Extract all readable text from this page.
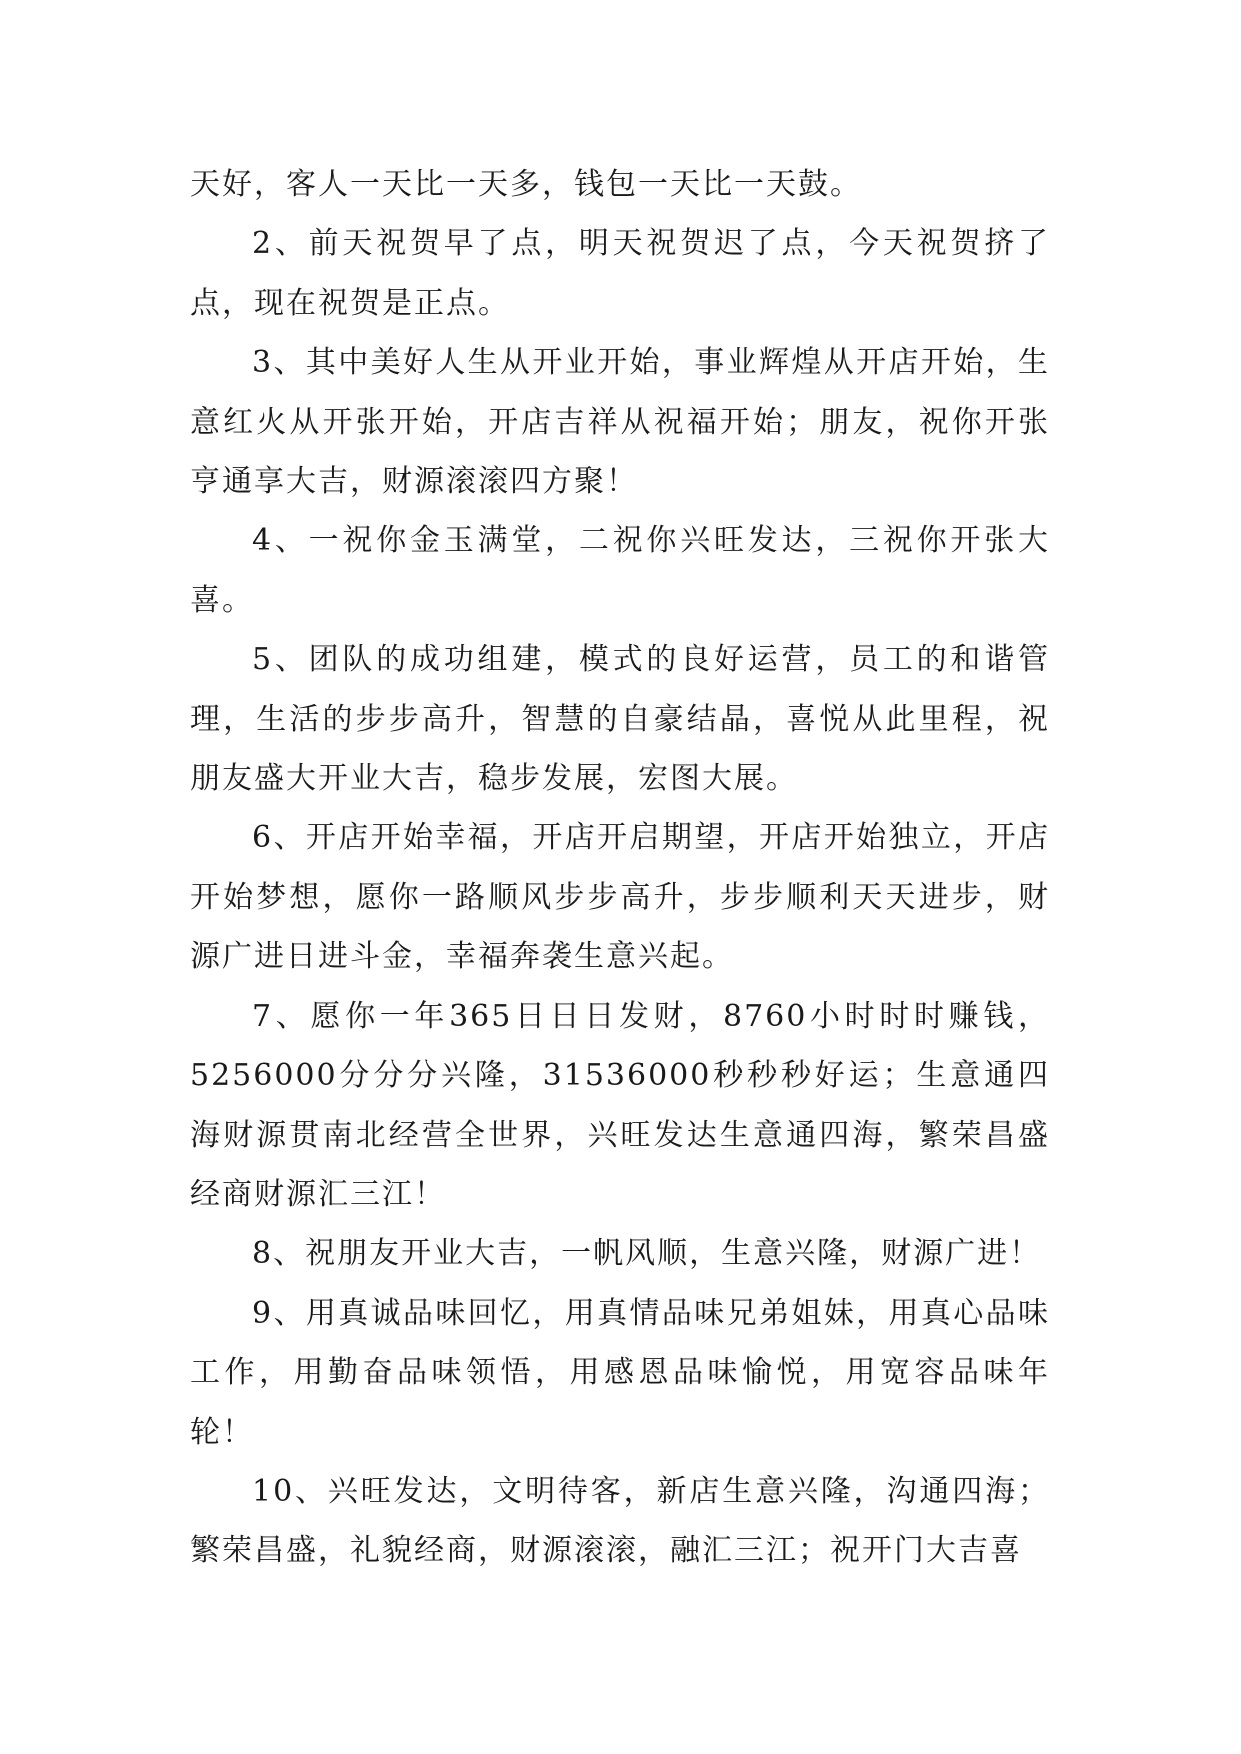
天好，客人一天比一天多，钱包一天比一天鼓。

2、前天祝贺早了点，明天祝贺迟了点，今天祝贺挤了点，现在祝贺是正点。

3、其中美好人生从开业开始，事业辉煌从开店开始，生意红火从开张开始，开店吉祥从祝福开始；朋友，祝你开张亨通享大吉，财源滚滚四方聚！

4、一祝你金玉满堂，二祝你兴旺发达，三祝你开张大喜。

5、团队的成功组建，模式的良好运营，员工的和谐管理，生活的步步高升，智慧的自豪结晶，喜悦从此里程，祝朋友盛大开业大吉，稳步发展，宏图大展。

6、开店开始幸福，开店开启期望，开店开始独立，开店开始梦想，愿你一路顺风步步高升，步步顺利天天进步，财源广进日进斗金，幸福奔袭生意兴起。

7、愿你一年365日日日发财，8760小时时时赚钱，5256000分分分兴隆，31536000秒秒秒好运；生意通四海财源贯南北经营全世界，兴旺发达生意通四海，繁荣昌盛经商财源汇三江！

8、祝朋友开业大吉，一帆风顺，生意兴隆，财源广进！

9、用真诚品味回忆，用真情品味兄弟姐妹，用真心品味工作，用勤奋品味领悟，用感恩品味愉悦，用宽容品味年轮！

10、兴旺发达，文明待客，新店生意兴隆，沟通四海；繁荣昌盛，礼貌经商，财源滚滚，融汇三江；祝开门大吉喜
